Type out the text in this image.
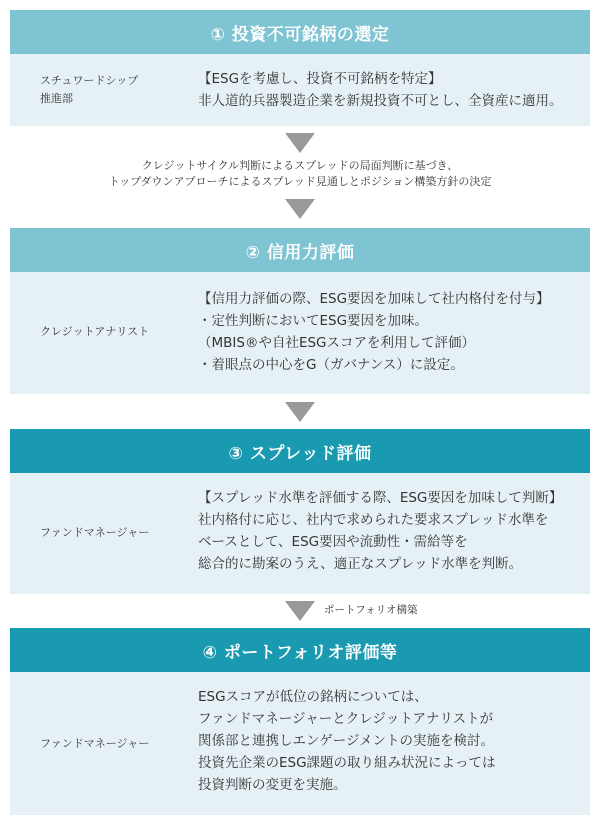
① 投資不可銘柄の選定
スチュワードシップ
推進部
【ESGを考慮し、投資不可銘柄を特定】
非人道的兵器製造企業を新規投資不可とし、全資産に適用。
クレジットサイクル判断によるスプレッドの局面判断に基づき、
トップダウンアプローチによるスプレッド見通しとポジション構築方針の決定
② 信用力評価
クレジットアナリスト
【信用力評価の際、ESG要因を加味して社内格付を付与】
・定性判断においてESG要因を加味。
（MBIS®や自社ESGスコアを利用して評価）
・着眼点の中心をG（ガバナンス）に設定。
③ スプレッド評価
ファンドマネージャー
【スプレッド水準を評価する際、ESG要因を加味して判断】
社内格付に応じ、社内で求められた要求スプレッド水準を
ベースとして、ESG要因や流動性・需給等を
総合的に勘案のうえ、適正なスプレッド水準を判断。
ポートフォリオ構築
④ ポートフォリオ評価等
ファンドマネージャー
ESGスコアが低位の銘柄については、
ファンドマネージャーとクレジットアナリストが
関係部と連携しエンゲージメントの実施を検討。
投資先企業のESG課題の取り組み状況によっては
投資判断の変更を実施。
